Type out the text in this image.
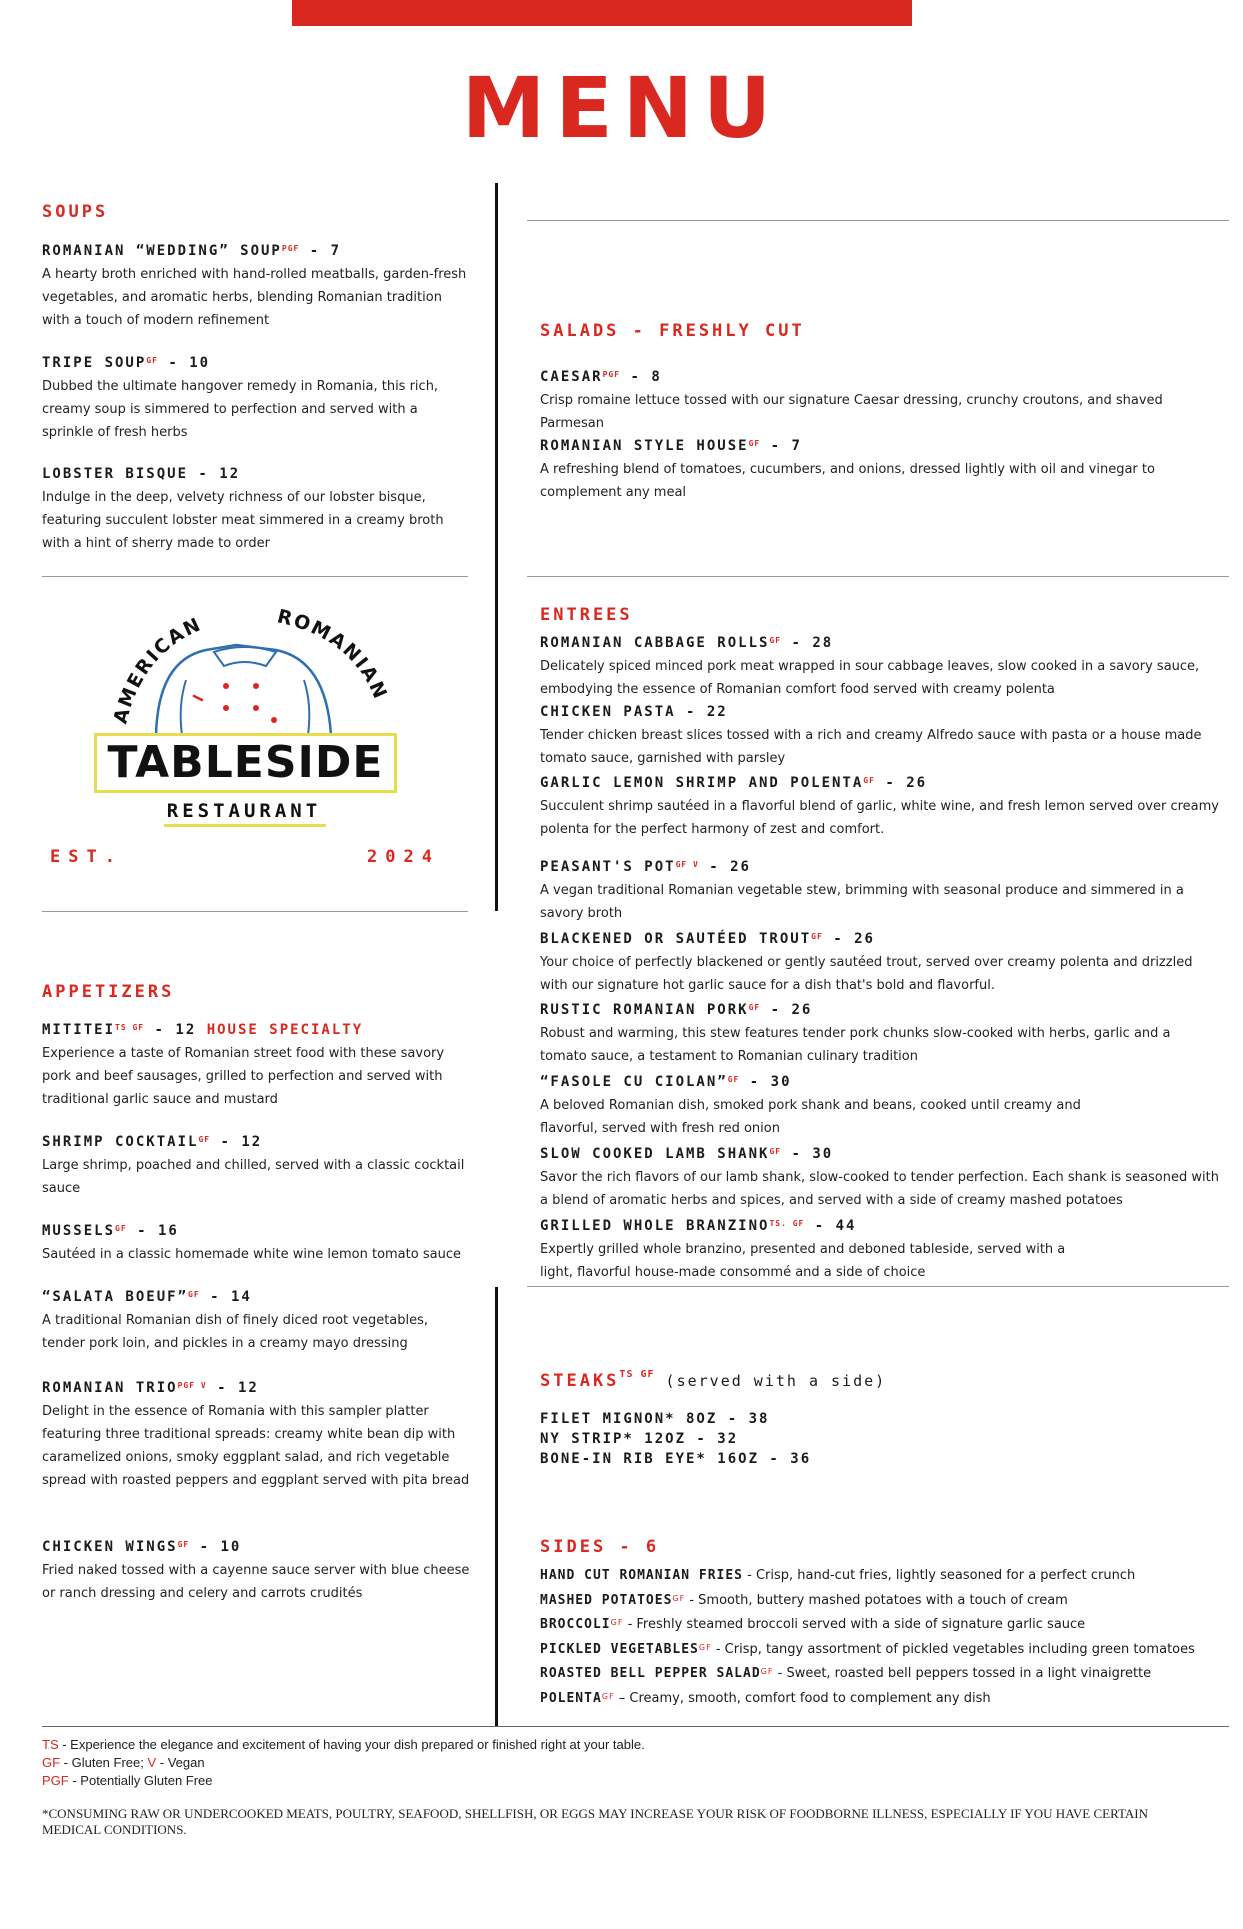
MENU
SOUPS
ROMANIAN “WEDDING” $SOUP^{PGF} - 7$
A hearty broth enriched with hand-rolled meatballs, garden-fresh vegetables, and aromatic herbs, blending Romanian tradition with a touch of modern refinement
TRIPE $SOUP^{GF} - 10$
Dubbed the ultimate hangover remedy in Romania, this rich, creamy soup is simmered to perfection and served with a sprinkle of fresh herbs
LOBSTER BISQUE - 12
Indulge in the deep, velvety richness of our lobster bisque, featuring succulent lobster meat simmered in a creamy broth with a hint of sherry made to order
AMERICAN	ROMANIAN
TABLESIDE
RESTAURANT
EST.	2024
APPETIZERS
$MITITEI^{TS GF} - 12$ HOUSE SPECIALTY
Experience a taste of Romanian street food with these savory pork and beef sausages, grilled to perfection and served with traditional garlic sauce and mustard
SHRIMP $COCKTAIL^{GF} - 12$
Large shrimp, poached and chilled, served with a classic cocktail sauce
$MUSSELS^{GF} - 16$
Sautéed in a classic homemade white wine lemon tomato sauce
“SALATA BOEUF”$^{GF}$ - 14
A traditional Romanian dish of finely diced root vegetables, tender pork loin, and pickles in a creamy mayo dressing
ROMANIAN $TRIO^{PGF V} - 12$
Delight in the essence of Romania with this sampler platter featuring three traditional spreads: creamy white bean dip with caramelized onions, smoky eggplant salad, and rich vegetable spread with roasted peppers and eggplant served with pita bread
CHICKEN $WINGS^{GF} - 10$
Fried naked tossed with a cayenne sauce server with blue cheese or ranch dressing and celery and carrots crudités
SALADS - FRESHLY CUT
$CAESAR^{PGF} - 8$
Crisp romaine lettuce tossed with our signature Caesar dressing, crunchy croutons, and shaved Parmesan
ROMANIAN STYLE $HOUSE^{GF} - 7$
A refreshing blend of tomatoes, cucumbers, and onions, dressed lightly with oil and vinegar to complement any meal
ENTREES
ROMANIAN CABBAGE $ROLLS^{GF} - 28$
Delicately spiced minced pork meat wrapped in sour cabbage leaves, slow cooked in a savory sauce, embodying the essence of Romanian comfort food served with creamy polenta
CHICKEN PASTA - 22
Tender chicken breast slices tossed with a rich and creamy Alfredo sauce with pasta or a house made tomato sauce, garnished with parsley
GARLIC LEMON SHRIMP AND $POLENTA^{GF} - 26$
Succulent shrimp sautéed in a flavorful blend of garlic, white wine, and fresh lemon served over creamy polenta for the perfect harmony of zest and comfort.
PEASANT'S $POT^{GF V} - 26$
A vegan traditional Romanian vegetable stew, brimming with seasonal produce and simmered in a savory broth
BLACKENED OR SAUTÉED $TROUT^{GF} - 26$
Your choice of perfectly blackened or gently sautéed trout, served over creamy polenta and drizzled with our signature hot garlic sauce for a dish that's bold and flavorful.
RUSTIC ROMANIAN $PORK^{GF} - 26$
Robust and warming, this stew features tender pork chunks slow-cooked with herbs, garlic and a tomato sauce, a testament to Romanian culinary tradition
“FASOLE CU CIOLAN”$^{GF}$ - 30
A beloved Romanian dish, smoked pork shank and beans, cooked until creamy and flavorful, served with fresh red onion
SLOW COOKED LAMB $SHANK^{GF} - 30$
Savor the rich flavors of our lamb shank, slow-cooked to tender perfection. Each shank is seasoned with a blend of aromatic herbs and spices, and served with a side of creamy mashed potatoes
GRILLED WHOLE $BRANZINO^{TS. GF} - 44$
Expertly grilled whole branzino, presented and deboned tableside, served with a light, flavorful house-made consommé and a side of choice
$STEAKS^{TS GF}$ (served with a side)
FILET MIGNON* 8OZ - 38
NY STRIP* 12OZ - 32
BONE-IN RIB EYE* 16OZ - 36
SIDES - 6
HAND CUT ROMANIAN FRIES - Crisp, hand-cut fries, lightly seasoned for a perfect crunch
MASHED $POTATOES^{GF}$ - Smooth, buttery mashed potatoes with a touch of cream
$BROCCOLI^{GF}$ - Freshly steamed broccoli served with a side of signature garlic sauce
PICKLED $VEGETABLES^{GF}$ - Crisp, tangy assortment of pickled vegetables including green tomatoes
ROASTED BELL PEPPER $SALAD^{GF}$ - Sweet, roasted bell peppers tossed in a light vinaigrette
$POLENTA^{GF}$ – Creamy, smooth, comfort food to complement any dish
TS - Experience the elegance and excitement of having your dish prepared or finished right at your table.
GF - Gluten Free; V - Vegan
PGF - Potentially Gluten Free
*CONSUMING RAW OR UNDERCOOKED MEATS, POULTRY, SEAFOOD, SHELLFISH, OR EGGS MAY INCREASE YOUR RISK OF FOODBORNE ILLNESS, ESPECIALLY IF YOU HAVE CERTAIN MEDICAL CONDITIONS.
